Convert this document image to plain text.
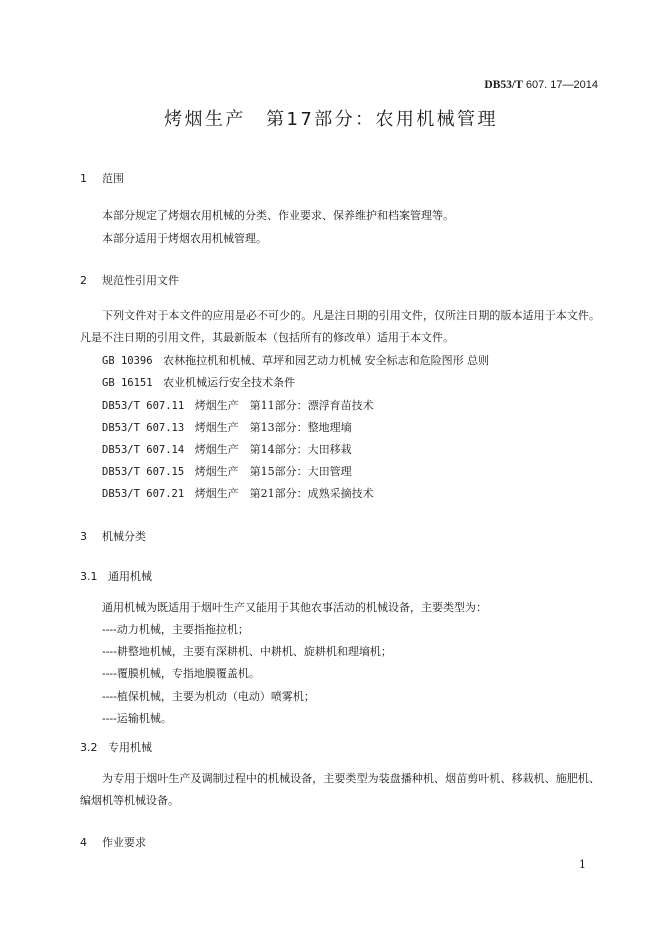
DB53/T 607. 17—2014
烤烟生产　第17部分：农用机械管理
1 范围
本部分规定了烤烟农用机械的分类、作业要求、保养维护和档案管理等。
本部分适用于烤烟农用机械管理。
2 规范性引用文件
下列文件对于本文件的应用是必不可少的。凡是注日期的引用文件，仅所注日期的版本适用于本文件。凡是不注日期的引用文件，其最新版本（包括所有的修改单）适用于本文件。
GB 10396 农林拖拉机和机械、草坪和园艺动力机械 安全标志和危险图形 总则
GB 16151 农业机械运行安全技术条件
DB53/T 607.11 烤烟生产　第11部分：漂浮育苗技术
DB53/T 607.13 烤烟生产　第13部分：整地理墒
DB53/T 607.14 烤烟生产　第14部分：大田移栽
DB53/T 607.15 烤烟生产　第15部分：大田管理
DB53/T 607.21 烤烟生产　第21部分：成熟采摘技术
3 机械分类
3.1 通用机械
通用机械为既适用于烟叶生产又能用于其他农事活动的机械设备，主要类型为：
----动力机械，主要指拖拉机；
----耕整地机械，主要有深耕机、中耕机、旋耕机和理墒机；
----覆膜机械，专指地膜覆盖机。
----植保机械，主要为机动（电动）喷雾机；
----运输机械。
3.2 专用机械
为专用于烟叶生产及调制过程中的机械设备，主要类型为装盘播种机、烟苗剪叶机、移栽机、施肥机、编烟机等机械设备。
4 作业要求
1
